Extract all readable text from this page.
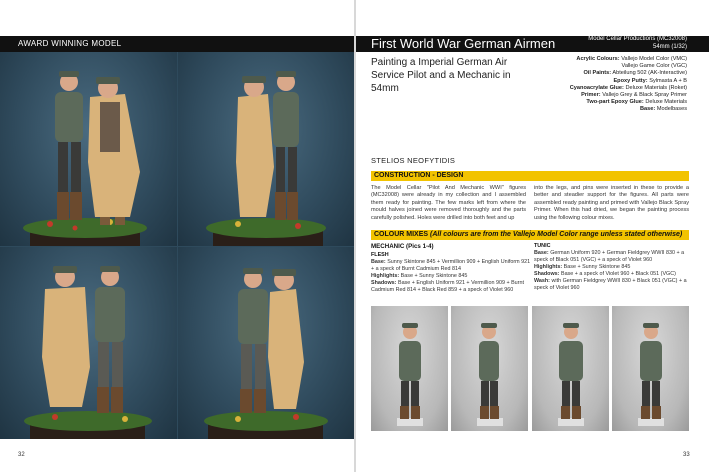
AWARD WINNING MODEL
32
First World War German Airmen	Model Cellar Productions (MC32008)
54mm (1/32)
Painting a Imperial German Air Service Pilot and a Mechanic in 54mm
Acrylic Colours: Vallejo Model Color (VMC)
Vallejo Game Color (VGC)
Oil Paints: Abteilung 502 (AK-Interactive)
Epoxy Putty: Sylmasta A + B
Cyanoacrylate Glue: Deluxe Materials (Roket)
Primer: Vallejo Grey & Black Spray Primer
Two-part Epoxy Glue: Deluxe Materials
Base: Modelbases
STELIOS NEOFYTIDIS
CONSTRUCTION - DESIGN
The Model Cellar "Pilot And Mechanic WWI" figures (MC32008) were already in my collection and I assembled them ready for painting. The few marks left from where the mould halves joined were removed thoroughly and the parts carefully polished. Holes were drilled into both feet and up
into the legs, and pins were inserted in these to provide a better and steadier support for the figures. All parts were assembled ready painting and primed with Vallejo Black Spray Primer. When this had dried, we began the painting process using the following colour mixes.
COLOUR MIXES (All colours are from the Vallejo Model Color range unless stated otherwise)
MECHANIC (Pics 1-4)
FLESH
Base: Sunny Skintone 845 + Vermillion 909 + English Uniform 921 + a speck of Burnt Cadmium Red 814
Highlights: Base + Sunny Skintone 845
Shadows: Base + English Uniform 921 + Vermillion 909 + Burnt Cadmium Red 814 + Black Red 859 + a speck of Violet 960
TUNIC
Base: German Uniform 920 + German Fieldgrey WWII 830 + a speck of Black 051 (VGC) + a speck of Violet 960
Highlights: Base + Sunny Skintone 845
Shadows: Base + a speck of Violet 960 + Black 051 (VGC)
Wash: with German Fieldgrey WWII 830 + Black 051 (VGC) + a speck of Violet 960
33
